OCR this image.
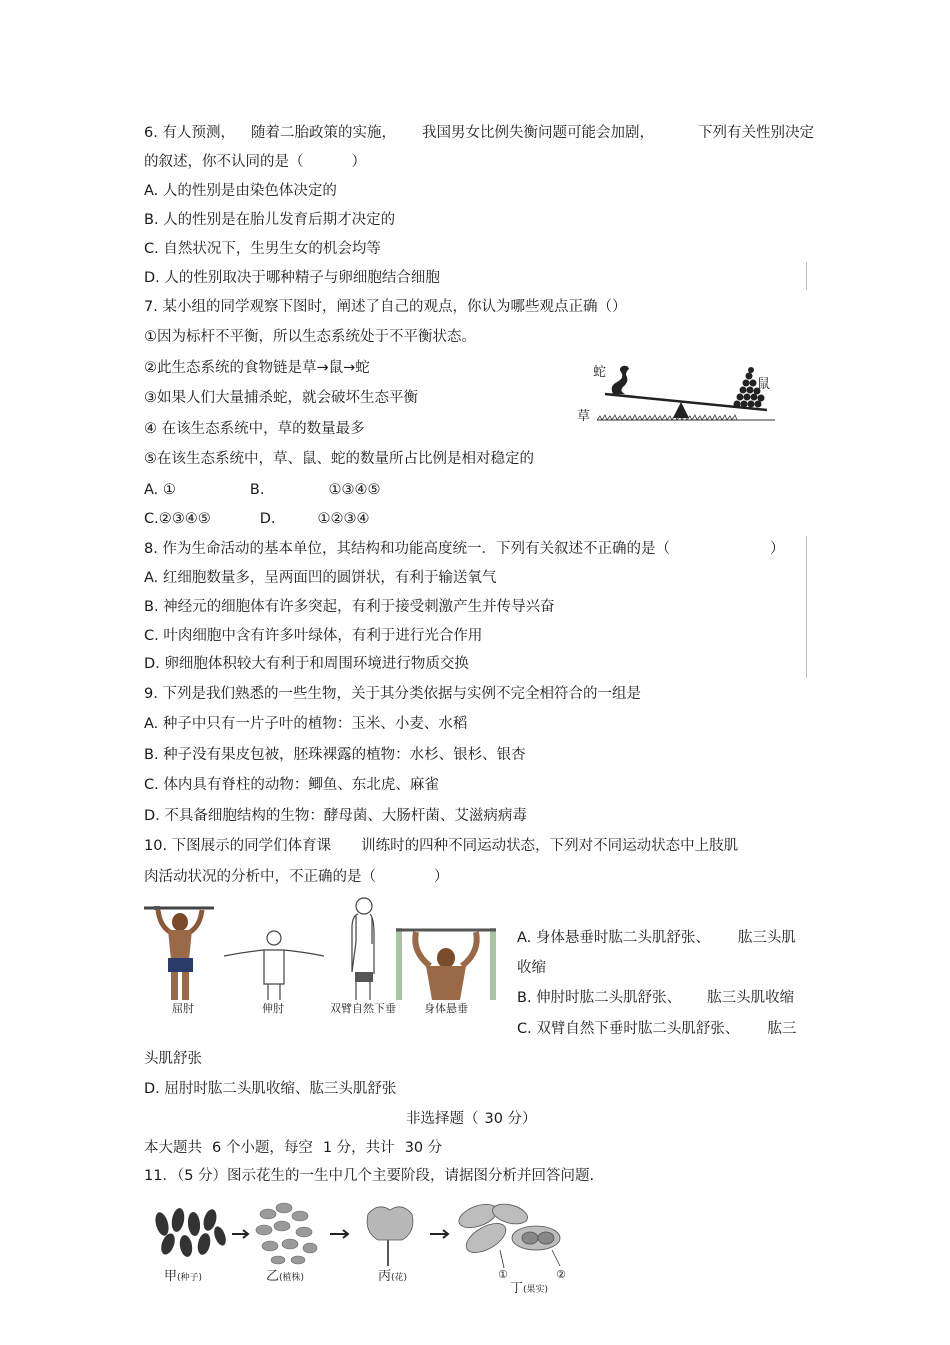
6. 有人预测， 随着二胎政策的实施， 我国男女比例失衡问题可能会加剧，	下列有关性别决定
的叙述，你不认同的是（	）
A. 人的性别是由染色体决定的
B. 人的性别是在胎儿发育后期才决定的
C. 自然状况下，生男生女的机会均等
D. 人的性别取决于哪种精子与卵细胞结合细胞
7. 某小组的同学观察下图时，阐述了自己的观点，你认为哪些观点正确（）
①因为标杆不平衡，所以生态系统处于不平衡状态。
②此生态系统的食物链是草→鼠→蛇
③如果人们大量捕杀蛇，就会破坏生态平衡
④ 在该生态系统中，草的数量最多
⑤在该生态系统中，草、鼠、蛇的数量所占比例是相对稳定的
蛇
鼠
草
A. ①	B.	①③④⑤
C.②③④⑤	D.	①②③④
8. 作为生命活动的基本单位，其结构和功能高度统一．下列有关叙述不正确的是（	）
A. 红细胞数量多，呈两面凹的圆饼状，有利于输送氧气
B. 神经元的细胞体有许多突起，有利于接受刺激产生并传导兴奋
C. 叶肉细胞中含有许多叶绿体，有利于进行光合作用
D. 卵细胞体积较大有利于和周围环境进行物质交换
9. 下列是我们熟悉的一些生物，关于其分类依据与实例不完全相符合的一组是
A. 种子中只有一片子叶的植物：玉米、小麦、水稻
B. 种子没有果皮包被，胚珠裸露的植物：水杉、银杉、银杏
C. 体内具有脊柱的动物：鲫鱼、东北虎、麻雀
D. 不具备细胞结构的生物：酵母菌、大肠杆菌、艾滋病病毒
10. 下图展示的同学们体育课 训练时的四种不同运动状态，下列对不同运动状态中上肢肌
肉活动状况的分析中，不正确的是（	）
屈肘	伸肘	双臂自然下垂	身体悬垂
A. 身体悬垂时肱二头肌舒张、 肱三头肌
收缩
B. 伸肘时肱二头肌舒张、 肱三头肌收缩
C. 双臂自然下垂时肱二头肌舒张、 肱三
头肌舒张
D. 屈肘时肱二头肌收缩、肱三头肌舒张
非选择题（ 30 分）
本大题共 6 个小题，每空 1 分，共计 30 分
11．（5 分）图示花生的一生中几个主要阶段，请据图分析并回答问题.
①	②
甲(种子)	乙(植株)	丙(花)
丁(果实)
